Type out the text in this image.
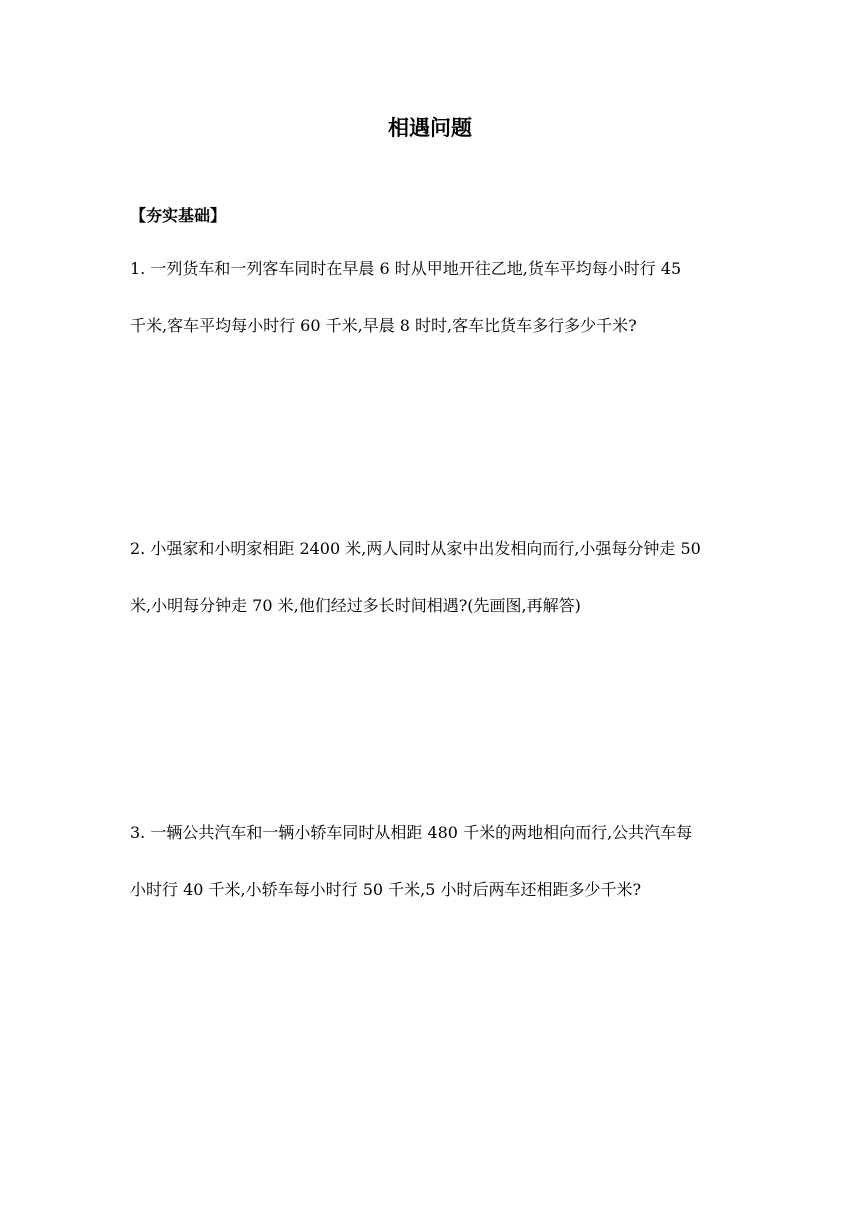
相遇问题
【夯实基础】
1. 一列货车和一列客车同时在早晨 6 时从甲地开往乙地,货车平均每小时行 45
千米,客车平均每小时行 60 千米,早晨 8 时时,客车比货车多行多少千米?
2. 小强家和小明家相距 2400 米,两人同时从家中出发相向而行,小强每分钟走 50
米,小明每分钟走 70 米,他们经过多长时间相遇?(先画图,再解答)
3. 一辆公共汽车和一辆小轿车同时从相距 480 千米的两地相向而行,公共汽车每
小时行 40 千米,小轿车每小时行 50 千米,5 小时后两车还相距多少千米?
